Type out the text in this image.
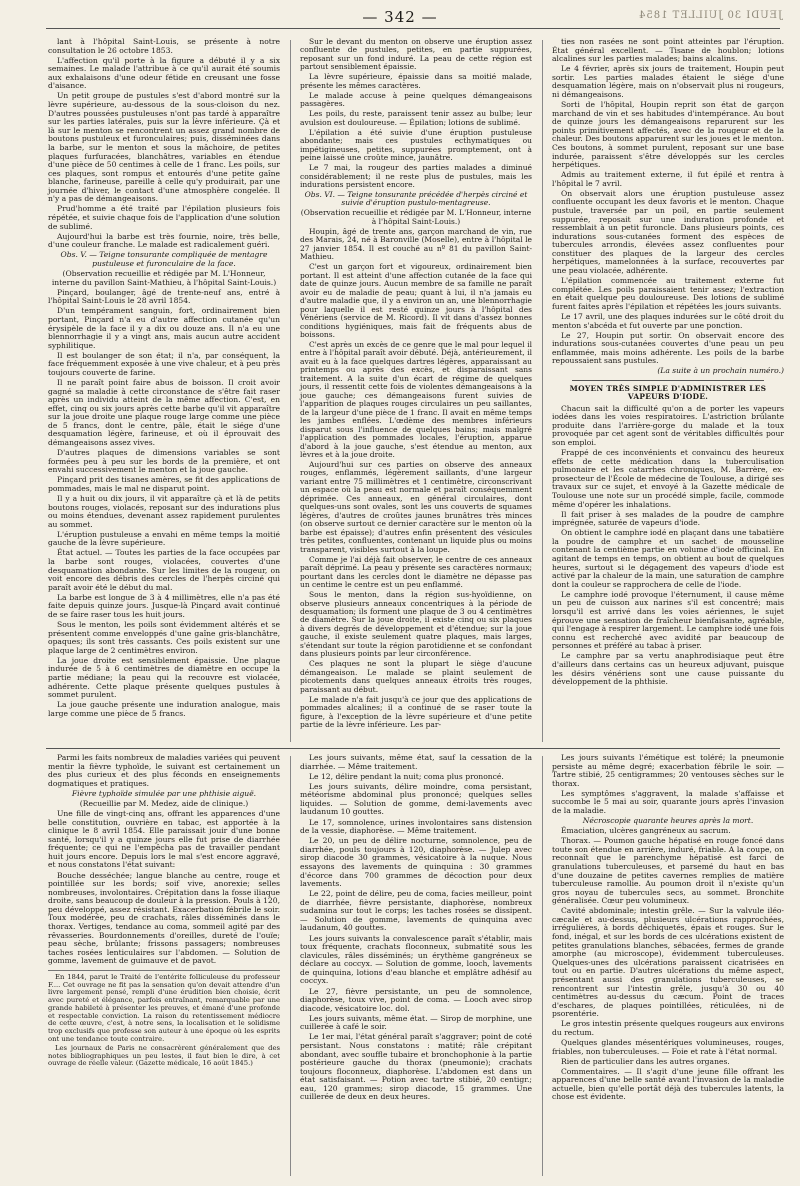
— 342 —	JEUDI 30 JUILLET 1854

lant à l'hôpital Saint-Louis, se présente à notre consultation le 26 octobre 1853.

L'affection qu'il porte à la figure a débuté il y a six semaines. Le malade l'attribue à ce qu'il aurait été soumis aux exhalaisons d'une odeur fétide en creusant une fosse d'aisance.

Un petit groupe de pustules s'est d'abord montré sur la lèvre supérieure, au-dessous de la sous-cloison du nez. D'autres poussées pustuleuses n'ont pas tardé à apparaître sur les parties latérales, puis sur la lèvre inférieure. Çà et là sur le menton se rencontrent un assez grand nombre de boutons pustuleux et furonculaires; puis, disséminées dans la barbe, sur le menton et sous la mâchoire, de petites plaques furfuracées, blanchâtres, variables en étendue d'une pièce de 50 centimes à celle de 1 franc. Les poils, sur ces plaques, sont rompus et entourés d'une petite gaîne blanche, farineuse, pareille à celle qu'y produirait, par une journée d'hiver, le contact d'une atmosphère congelée. Il n'y a pas de démangeaisons.

Prud'homme a été traité par l'épilation plusieurs fois répétée, et suivie chaque fois de l'application d'une solution de sublimé.

Aujourd'hui la barbe est très fournie, noire, très belle, d'une couleur franche. Le malade est radicalement guéri.

Obs. V. — Teigne tonsurante compliquée de mentagre pustuleuse et furonculaire de la face.

(Observation recueillie et rédigée par M. L'Honneur, interne du pavillon Saint-Mathieu, à l'hôpital Saint-Louis.)

Pinçard, boulanger, âgé de trente-neuf ans, entré à l'hôpital Saint-Louis le 28 avril 1854.

D'un tempérament sanguin, fort, ordinairement bien portant, Pinçard n'a eu d'autre affection cutanée qu'un érysipèle de la face il y a dix ou douze ans. Il n'a eu une blennorrhagie il y a vingt ans, mais aucun autre accident syphilitique.

Il est boulanger de son état; il n'a, par conséquent, la face fréquemment exposée à une vive chaleur, et à peu près toujours couverte de farine.

Il ne paraît point faire abus de boisson. Il croit avoir gagné sa maladie à cette circonstance de s'être fait raser après un individu atteint de la même affection. C'est, en effet, cinq ou six jours après cette barbe qu'il vit apparaître sur la joue droite une plaque rouge large comme une pièce de 5 francs, dont le centre, pâle, était le siége d'une desquamation légère, farineuse, et où il éprouvait des démangeaisons assez vives.

D'autres plaques de dimensions variables se sont formées peu à peu sur les bords de la première, et ont envahi successivement le menton et la joue gauche.

Pinçard prit des tisanes amères, se fit des applications de pommades, mais le mal ne disparut point.

Il y a huit ou dix jours, il vit apparaître çà et là de petits boutons rouges, violacés, reposant sur des indurations plus ou moins étendues, devenant assez rapidement purulentes au sommet.

L'éruption pustuleuse a envahi en même temps la moitié gauche de la lèvre supérieure.

État actuel. — Toutes les parties de la face occupées par la barbe sont rouges, violacées, couvertes d'une desquamation abondante. Sur les limites de la rougeur, on voit encore des débris des cercles de l'herpès circiné qui paraît avoir été le début du mal.

La barbe est longue de 3 à 4 millimètres, elle n'a pas été faite depuis quinze jours. Jusque-là Pinçard avait continué de se faire raser tous les huit jours.

Sous le menton, les poils sont évidemment altérés et se présentent comme enveloppés d'une gaîne gris-blanchâtre, opaques; ils sont très cassants. Ces poils existent sur une plaque large de 2 centimètres environ.

La joue droite est sensiblement épaissie. Une plaque indurée de 5 à 6 centimètres de diamètre en occupe la partie médiane; la peau qui la recouvre est violacée, adhérente. Cette plaque présente quelques pustules à sommet purulent.

La joue gauche présente une induration analogue, mais large comme une pièce de 5 francs.

Sur le devant du menton on observe une éruption assez confluente de pustules, petites, en partie suppurées, reposant sur un fond induré. La peau de cette région est partout sensiblement épaissie.

La lèvre supérieure, épaissie dans sa moitié malade, présente les mêmes caractères.

Le malade accuse à peine quelques démangeaisons passagères.

Les poils, du reste, paraissent tenir assez au bulbe; leur avulsion est douloureuse. — Épilation; lotions de sublimé.

L'épilation a été suivie d'une éruption pustuleuse abondante; mais ces pustules ecthymatiques ou impétigineuses, petites, suppurées promptement, ont à peine laissé une croûte mince, jaunâtre.

Le 7 mai, la rougeur des parties malades a diminué considérablement; il ne reste plus de pustules, mais les indurations persistent encore.

Obs. VI. — Teigne tonsurante précédée d'herpès circiné et suivie d'éruption pustulo-mentagreuse.

(Observation recueillie et rédigée par M. L'Honneur, interne à l'hôpital Saint-Louis.)

Houpin, âgé de trente ans, garçon marchand de vin, rue des Marais, 24, né à Baronville (Moselle), entre à l'hôpital le 27 janvier 1854. Il est couché au nº 81 du pavillon Saint-Mathieu.

C'est un garçon fort et vigoureux, ordinairement bien portant. Il est atteint d'une affection cutanée de la face qui date de quinze jours. Aucun membre de sa famille ne paraît avoir eu de maladie de peau; quant à lui, il n'a jamais eu d'autre maladie que, il y a environ un an, une blennorrhagie pour laquelle il est resté quinze jours à l'hôpital des Vénériens (service de M. Ricord). Il vit dans d'assez bonnes conditions hygiéniques, mais fait de fréquents abus de boissons.

C'est après un excès de ce genre que le mal pour lequel il entre à l'hôpital paraît avoir débuté. Déjà, antérieurement, il avait eu à la face quelques dartres légères, apparaissant au printemps ou après des excès, et disparaissant sans traitement. A la suite d'un écart de régime de quelques jours, il ressentit cette fois de violentes démangeaisons à la joue gauche; ces démangeaisons furent suivies de l'apparition de plaques rouges circulaires un peu saillantes, de la largeur d'une pièce de 1 franc. Il avait en même temps les jambes enflées. L'œdème des membres inférieurs disparut sous l'influence de quelques bains; mais malgré l'application des pommades locales, l'éruption, apparue d'abord à la joue gauche, s'est étendue au menton, aux lèvres et à la joue droite.

Aujourd'hui sur ces parties on observe des anneaux rouges, enflammés, légèrement saillants, d'une largeur variant entre 75 millimètres et 1 centimètre, circonscrivant un espace où la peau est normale et paraît conséquemment déprimée. Ces anneaux, en général circulaires, dont quelques-uns sont ovales, sont les uns couverts de squames légères, d'autres de croûtes jaunes brunâtres très minces (on observe surtout ce dernier caractère sur le menton où la barbe est épaisse); d'autres enfin présentent des vésicules très petites, confluentes, contenant un liquide plus ou moins transparent, visibles surtout à la loupe.

Comme je l'ai déjà fait observer, le centre de ces anneaux paraît déprimé. La peau y présente ses caractères normaux; pourtant dans les cercles dont le diamètre ne dépasse pas un centime le centre est un peu enflammé.

Sous le menton, dans la région sus-hyoïdienne, on observe plusieurs anneaux concentriques à la période de desquamation; ils forment une plaque de 3 ou 4 centimètres de diamètre. Sur la joue droite, il existe cinq ou six plaques à divers degrés de développement et d'étendue; sur la joue gauche, il existe seulement quatre plaques, mais larges, s'étendant sur toute la région parotidienne et se confondant dans plusieurs points par leur circonférence.

Ces plaques ne sont la plupart le siège d'aucune démangeaison. Le malade se plaint seulement de picotements dans quelques anneaux étroits très rouges, paraissant au début.

Le malade n'a fait jusqu'à ce jour que des applications de pommades alcalines; il a continué de se raser toute la figure, à l'exception de la lèvre supérieure et d'une petite partie de la lèvre inférieure. Les par-

ties non rasées ne sont point atteintes par l'éruption. État général excellent. — Tisane de houblon; lotions alcalines sur les parties malades; bains alcalins.

Le 4 février, après six jours de traitement, Houpin peut sortir. Les parties malades étaient le siége d'une desquamation légère, mais on n'observait plus ni rougeurs, ni démangeaisons.

Sorti de l'hôpital, Houpin reprit son état de garçon marchand de vin et ses habitudes d'intempérance. Au bout de quinze jours les démangeaisons reparurent sur les points primitivement affectés, avec de la rougeur et de la chaleur. Des boutons apparurent sur les joues et le menton. Ces boutons, à sommet purulent, reposant sur une base indurée, paraissent s'être développés sur les cercles herpétiques.

Admis au traitement externe, il fut épilé et rentra à l'hôpital le 7 avril.

On observait alors une éruption pustuleuse assez confluente occupant les deux favoris et le menton. Chaque pustule, traversée par un poil, en partie seulement suppurée, reposait sur une induration profonde et ressemblait à un petit furoncle. Dans plusieurs points, ces indurations sous-cutanées forment des espèces de tubercules arrondis, élevées assez confluentes pour constituer des plaques de la largeur des cercles herpétiques, mamelonnées à la surface, recouvertes par une peau violacée, adhérente.

L'épilation commencée au traitement externe fut complétée. Les poils paraissaient tenir assez; l'extraction en était quelque peu douloureuse. Des lotions de sublimé furent faites après l'épilation et répétées les jours suivants.

Le 17 avril, une des plaques indurées sur le côté droit du menton s'abcéda et fut ouverte par une ponction.

Le 27, Houpin put sortir. On observait encore des indurations sous-cutanées couvertes d'une peau un peu enflammée, mais moins adhérente. Les poils de la barbe repoussaient sans pustules.

(La suite à un prochain numéro.)

MOYEN TRÈS SIMPLE D'ADMINISTRER LES VAPEURS D'IODE.

Chacun sait la difficulté qu'on a de porter les vapeurs iodées dans les voies respiratoires. L'astriction brûlante produite dans l'arrière-gorge du malade et la toux provoquée par cet agent sont de véritables difficultés pour son emploi.

Frappé de ces inconvénients et convaincu des heureux effets de cette médication dans la tuberculisation pulmonaire et les catarrhes chroniques, M. Barrère, ex-prosecteur de l'École de médecine de Toulouse, a dirigé ses travaux sur ce sujet, et envoyé à la Gazette médicale de Toulouse une note sur un procédé simple, facile, commode même d'opérer les inhalations.

Il fait priser à ses malades de la poudre de camphre imprégnée, saturée de vapeurs d'iode.

On obtient le camphre iodé en plaçant dans une tabatière la poudre de camphre et un sachet de mousseline contenant la centième partie en volume d'iode officinal. En agitant de temps en temps, on obtient au bout de quelques heures, surtout si le dégagement des vapeurs d'iode est activé par la chaleur de la main, une saturation de camphre dont la couleur se rapprochera de celle de l'iode.

Le camphre iodé provoque l'éternument, il cause même un peu de cuisson aux narines s'il est concentré; mais lorsqu'il est arrivé dans les voies aériennes, le sujet éprouve une sensation de fraîcheur bienfaisante, agréable, qui l'engage à respirer largement. Le camphre iodé une fois connu est recherché avec avidité par beaucoup de personnes et préféré au tabac à priser.

Le camphre par sa vertu anaphrodisiaque peut être d'ailleurs dans certains cas un heureux adjuvant, puisque les désirs vénériens sont une cause puissante du développement de la phthisie.

Parmi les faits nombreux de maladies variées qui peuvent mentir la fièvre typhoïde, le suivant est certainement un des plus curieux et des plus féconds en enseignements dogmatiques et pratiques.

Fièvre typhoïde simulée par une phthisie aiguë.

(Recueillie par M. Medez, aide de clinique.)

Une fille de vingt-cinq ans, offrant les apparences d'une belle constitution, ouvrière en tabac, est apportée à la clinique le 8 avril 1854. Elle paraissait jouir d'une bonne santé, lorsqu'il y a quinze jours elle fut prise de diarrhée fréquente; ce qui ne l'empêcha pas de travailler pendant huit jours encore. Depuis lors le mal s'est encore aggravé, et nous constatons l'état suivant:

Bouche desséchée; langue blanche au centre, rouge et pointillée sur les bords; soif vive, anorexie; selles nombreuses, involontaires. Crépitation dans la fosse iliaque droite, sans beaucoup de douleur à la pression. Pouls à 120, peu développé, assez résistant. Exacerbation fébrile le soir. Toux modérée, peu de crachats, râles disséminés dans le thorax. Vertiges, tendance au coma, sommeil agité par des rêvasseries. Bourdonnements d'oreilles, dureté de l'ouïe; peau sèche, brûlante; frissons passagers; nombreuses taches rosées lenticulaires sur l'abdomen. — Solution de gomme, lavement de guimauve et de pavot.

En 1844, parut le Traité de l'entérite folliculeuse du professeur F.... Cet ouvrage ne fit pas la sensation qu'on devait attendre d'un livre largement pensé, rempli d'une érudition bien choisie, écrit avec pureté et élégance, parfois entraînant, remarquable par une grande habileté à présenter les preuves, et émané d'une profonde et respectable conviction. La raison du retentissement médiocre de cette œuvre, c'est, à notre sens, la localisation et le solidisme trop exclusifs que professe son auteur à une époque où les esprits ont une tendance toute contraire.

Les journaux de Paris ne consacrèrent généralement que des notes bibliographiques un peu lestes, il faut bien le dire, à cet ouvrage de réelle valeur. (Gazette médicale, 16 août 1845.)

Les jours suivants, même état, sauf la cessation de la diarrhée. — Même traitement.

Le 12, délire pendant la nuit; coma plus prononcé.

Les jours suivants, délire moindre, coma persistant, météorisme abdominal plus prononcé; quelques selles liquides. — Solution de gomme, demi-lavements avec laudanum 10 gouttes.

Le 17, somnolence, urines involontaires sans distension de la vessie, diaphorèse. — Même traitement.

Le 20, un peu de délire nocturne, somnolence, peu de diarrhée, pouls toujours à 120, diaphorèse. — Julep avec sirop diacode 30 grammes, vésicatoire à la nuque. Nous essayons des lavements de quinquina : 30 grammes d'écorce dans 700 grammes de décoction pour deux lavements.

Le 22, point de délire, peu de coma, facies meilleur, point de diarrhée, fièvre persistante, diaphorèse, nombreux sudamina sur tout le corps; les taches rosées se dissipent. — Solution de gomme, lavements de quinquina avec laudanum, 40 gouttes.

Les jours suivants la convalescence paraît s'établir, mais toux fréquente, crachats floconneux, submatité sous les clavicules, râles disséminés; un érythème gangréneux se déclare au coccyx. — Solution de gomme, looch, lavements de quinquina, lotions d'eau blanche et emplâtre adhésif au coccyx.

Le 27, fièvre persistante, un peu de somnolence, diaphorèse, toux vive, point de coma. — Looch avec sirop diacode, vésicatoire loc. dol.

Les jours suivants, même état. — Sirop de morphine, une cuillerée à café le soir.

Le 1er mai, l'état général paraît s'aggraver; point de coté persistant. Nous constatons : matité; râle crépitant abondant, avec souffle tubaire et bronchophonie à la partie postérieure gauche du thorax (pneumonie); crachats toujours floconneux, diaphorèse. L'abdomen est dans un état satisfaisant. — Potion avec tartre stibié, 20 centigr.; eau, 120 grammes; sirop diacode, 15 grammes. Une cuillerée de deux en deux heures.

Les jours suivants l'émétique est toléré; la pneumonie persiste au même degré; exacerbation fébrile le soir. — Tartre stibié, 25 centigrammes; 20 ventouses sèches sur le thorax.

Les symptômes s'aggravent, la malade s'affaisse et succombe le 5 mai au soir, quarante jours après l'invasion de la maladie.

Nécroscopie quarante heures après la mort.

Émaciation, ulcères gangréneux au sacrum.

Thorax. — Poumon gauche hépatisé en rouge foncé dans toute son étendue en arrière, induré, friable. A la coupe, on reconnaît que le parenchyme hépatisé est farci de granulations tuberculeuses, et parsemé du haut en bas d'une douzaine de petites cavernes remplies de matière tuberculeuse ramollie. Au poumon droit il n'existe qu'un gros noyau de tubercules secs, au sommet. Bronchite généralisée. Cœur peu volumineux.

Cavité abdominale; intestin grêle. — Sur la valvule iléo-cæcale et au-dessus, plusieurs ulcérations rapprochées, irrégulières, à bords déchiquetés, épais et rouges. Sur le fond, inégal, et sur les bords de ces ulcérations existent de petites granulations blanches, sébacées, fermes de grande amorphe (au microscope), évidemment tuberculeuses. Quelques-unes des ulcérations paraissent cicatrisées en tout ou en partie. D'autres ulcérations du même aspect, présentant aussi des granulations tuberculeuses, se rencontrent sur l'intestin grêle, jusqu'à 30 ou 40 centimètres au-dessus du cæcum. Point de traces d'eschares, de plaques pointillées, réticulées, ni de psorentérie.

Le gros intestin présente quelques rougeurs aux environs du rectum.

Quelques glandes mésentériques volumineuses, rouges, friables, non tuberculeuses. — Foie et rate à l'état normal.

Rien de particulier dans les autres organes.

Commentaires. — Il s'agit d'une jeune fille offrant les apparences d'une belle santé avant l'invasion de la maladie actuelle, bien qu'elle portât déjà des tubercules latents, la chose est évidente.
